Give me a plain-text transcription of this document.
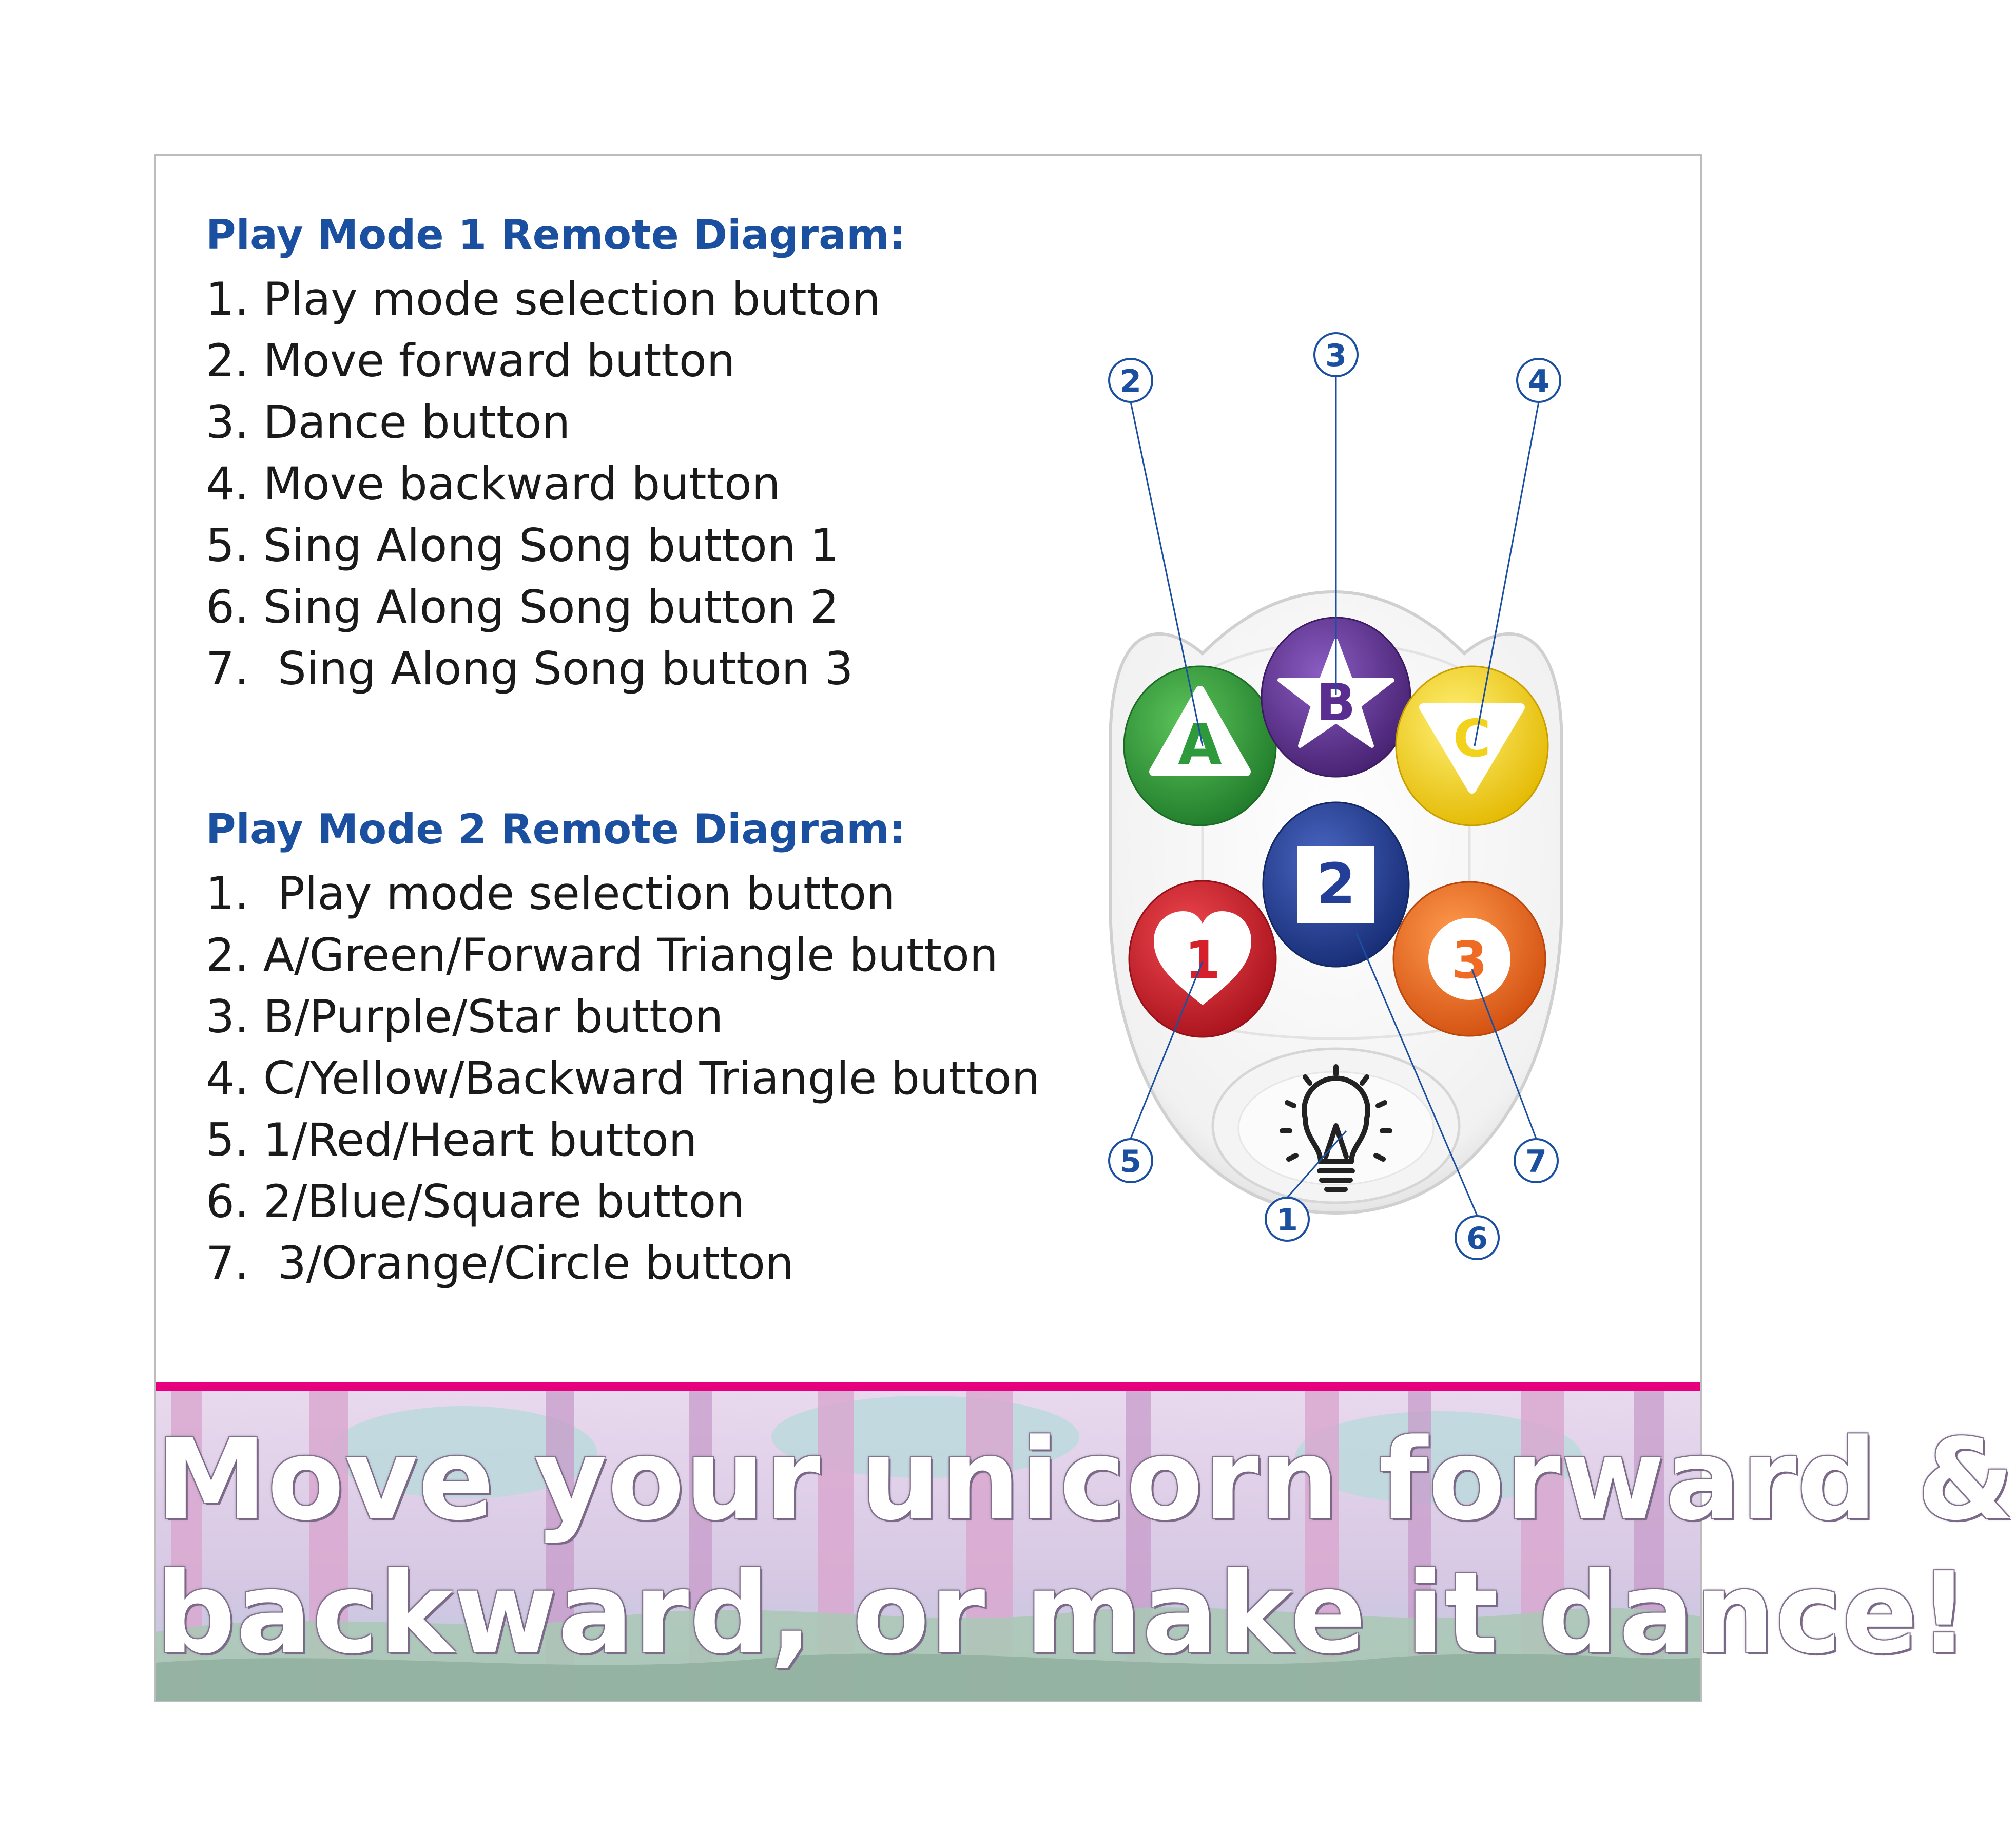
Play Mode 1 Remote Diagram:
1. Play mode selection button
2. Move forward button
3. Dance button
4. Move backward button
5. Sing Along Song button 1
6. Sing Along Song button 2
7.  Sing Along Song button 3
Play Mode 2 Remote Diagram:
1.  Play mode selection button
2. A/Green/Forward Triangle button
3. B/Purple/Star button
4. C/Yellow/Backward Triangle button
5. 1/Red/Heart button
6. 2/Blue/Square button
7.  3/Orange/Circle button
A
B
C
2
1	3
2
3
4
5
1
6
7
Move your unicorn forward &
backward, or make it dance!
